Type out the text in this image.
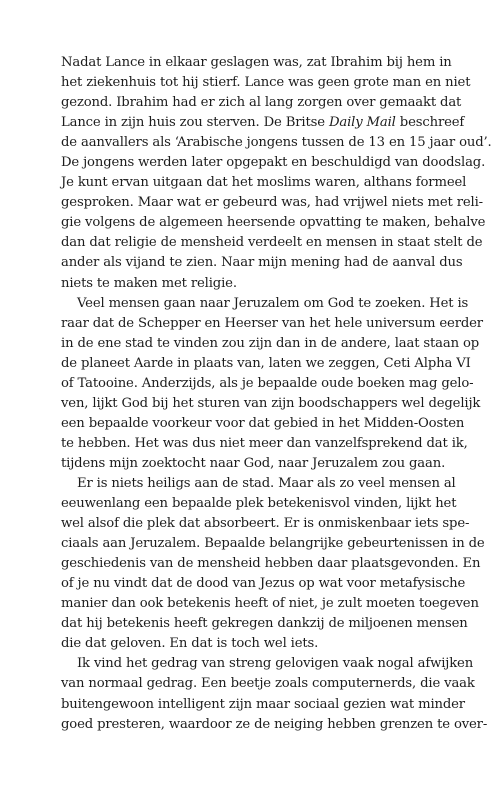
Nadat Lance in elkaar geslagen was, zat Ibrahim bij hem in
het ziekenhuis tot hij stierf. Lance was geen grote man en niet
gezond. Ibrahim had er zich al lang zorgen over gemaakt dat
Lance in zijn huis zou sterven. De Britse Daily Mail beschreef
de aanvallers als ‘Arabische jongens tussen de 13 en 15 jaar oud’.
De jongens werden later opgepakt en beschuldigd van doodslag.
Je kunt ervan uitgaan dat het moslims waren, althans formeel
gesproken. Maar wat er gebeurd was, had vrijwel niets met reli-
gie volgens de algemeen heersende opvatting te maken, behalve
dan dat religie de mensheid verdeelt en mensen in staat stelt de
ander als vijand te zien. Naar mijn mening had de aanval dus
niets te maken met religie.
Veel mensen gaan naar Jeruzalem om God te zoeken. Het is
raar dat de Schepper en Heerser van het hele universum eerder
in de ene stad te vinden zou zijn dan in de andere, laat staan op
de planeet Aarde in plaats van, laten we zeggen, Ceti Alpha VI
of Tatooine. Anderzijds, als je bepaalde oude boeken mag gelo-
ven, lijkt God bij het sturen van zijn boodschappers wel degelijk
een bepaalde voorkeur voor dat gebied in het Midden-Oosten
te hebben. Het was dus niet meer dan vanzelfsprekend dat ik,
tijdens mijn zoektocht naar God, naar Jeruzalem zou gaan.
Er is niets heiligs aan de stad. Maar als zo veel mensen al
eeuwenlang een bepaalde plek betekenisvol vinden, lijkt het
wel alsof die plek dat absorbeert. Er is onmiskenbaar iets spe-
ciaals aan Jeruzalem. Bepaalde belangrijke gebeurtenissen in de
geschiedenis van de mensheid hebben daar plaatsgevonden. En
of je nu vindt dat de dood van Jezus op wat voor metafysische
manier dan ook betekenis heeft of niet, je zult moeten toegeven
dat hij betekenis heeft gekregen dankzij de miljoenen mensen
die dat geloven. En dat is toch wel iets.
Ik vind het gedrag van streng gelovigen vaak nogal afwijken
van normaal gedrag. Een beetje zoals computernerds, die vaak
buitengewoon intelligent zijn maar sociaal gezien wat minder
goed presteren, waardoor ze de neiging hebben grenzen te over-
